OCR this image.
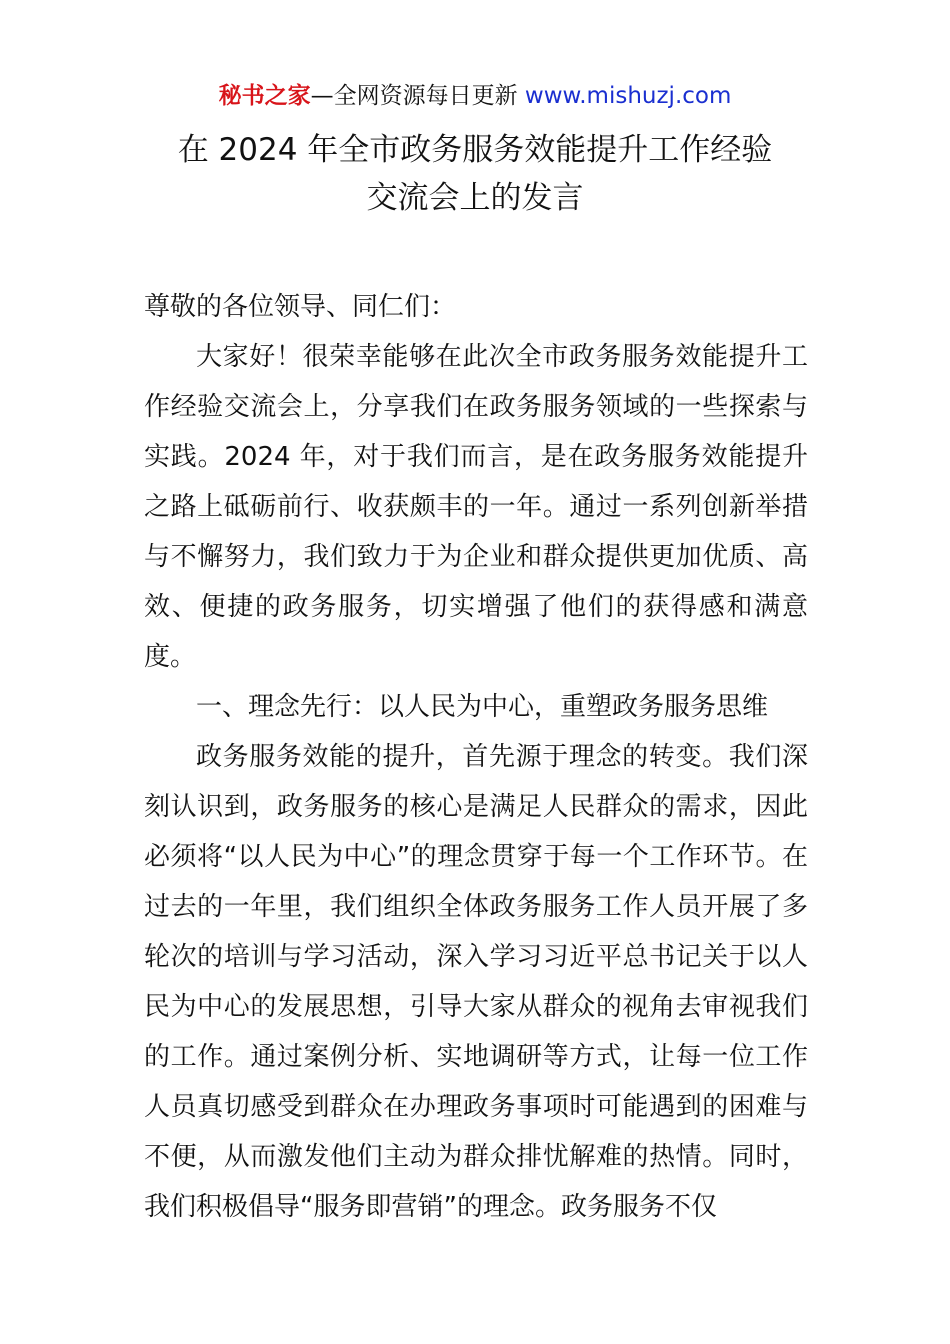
秘书之家—全网资源每日更新 www.mishuzj.com
在 2024 年全市政务服务效能提升工作经验
交流会上的发言

尊敬的各位领导、同仁们：

大家好！很荣幸能够在此次全市政务服务效能提升工作经验交流会上，分享我们在政务服务领域的一些探索与实践。2024 年，对于我们而言，是在政务服务效能提升之路上砥砺前行、收获颇丰的一年。通过一系列创新举措与不懈努力，我们致力于为企业和群众提供更加优质、高效、便捷的政务服务，切实增强了他们的获得感和满意度。

一、理念先行：以人民为中心，重塑政务服务思维

政务服务效能的提升，首先源于理念的转变。我们深刻认识到，政务服务的核心是满足人民群众的需求，因此必须将“以人民为中心”的理念贯穿于每一个工作环节。在过去的一年里，我们组织全体政务服务工作人员开展了多轮次的培训与学习活动，深入学习习近平总书记关于以人民为中心的发展思想，引导大家从群众的视角去审视我们的工作。通过案例分析、实地调研等方式，让每一位工作人员真切感受到群众在办理政务事项时可能遇到的困难与不便，从而激发他们主动为群众排忧解难的热情。同时，我们积极倡导“服务即营销”的理念。政务服务不仅
